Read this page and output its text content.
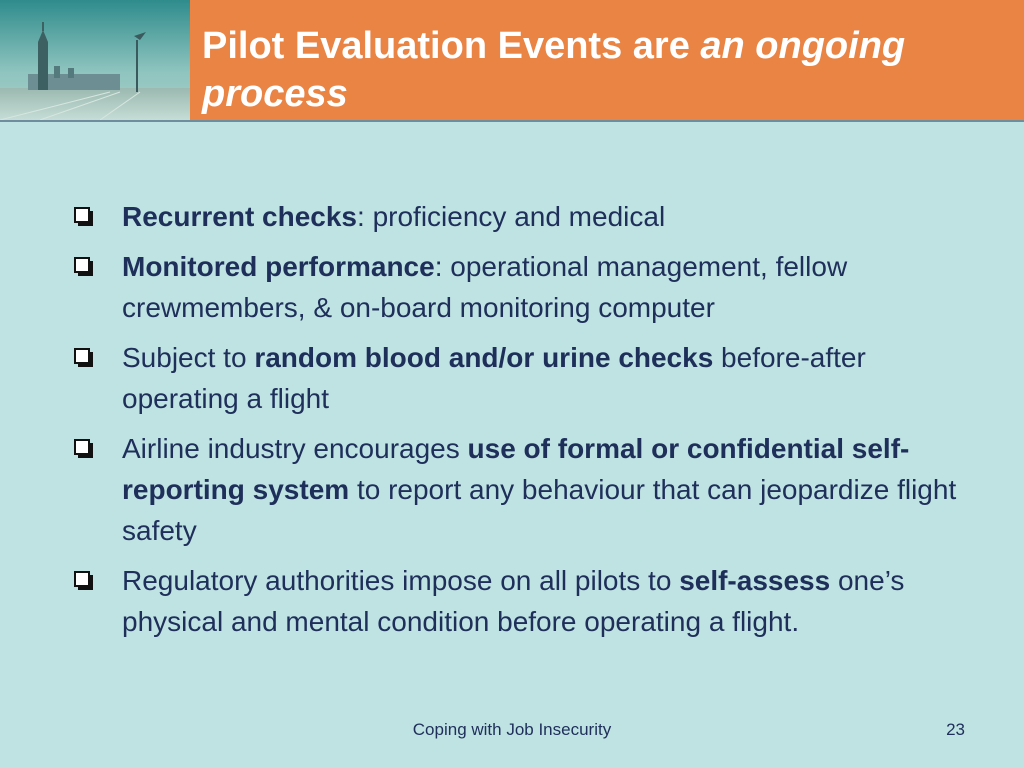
Pilot Evaluation Events are an ongoing process
Recurrent checks: proficiency and medical
Monitored performance: operational management, fellow crewmembers, & on-board monitoring computer
Subject to random blood and/or urine checks before-after operating a flight
Airline industry encourages use of formal or confidential self-reporting system to report any behaviour that can jeopardize flight safety
Regulatory authorities impose on all pilots to self-assess one’s physical and mental condition before operating a flight.
Coping with Job Insecurity	23
